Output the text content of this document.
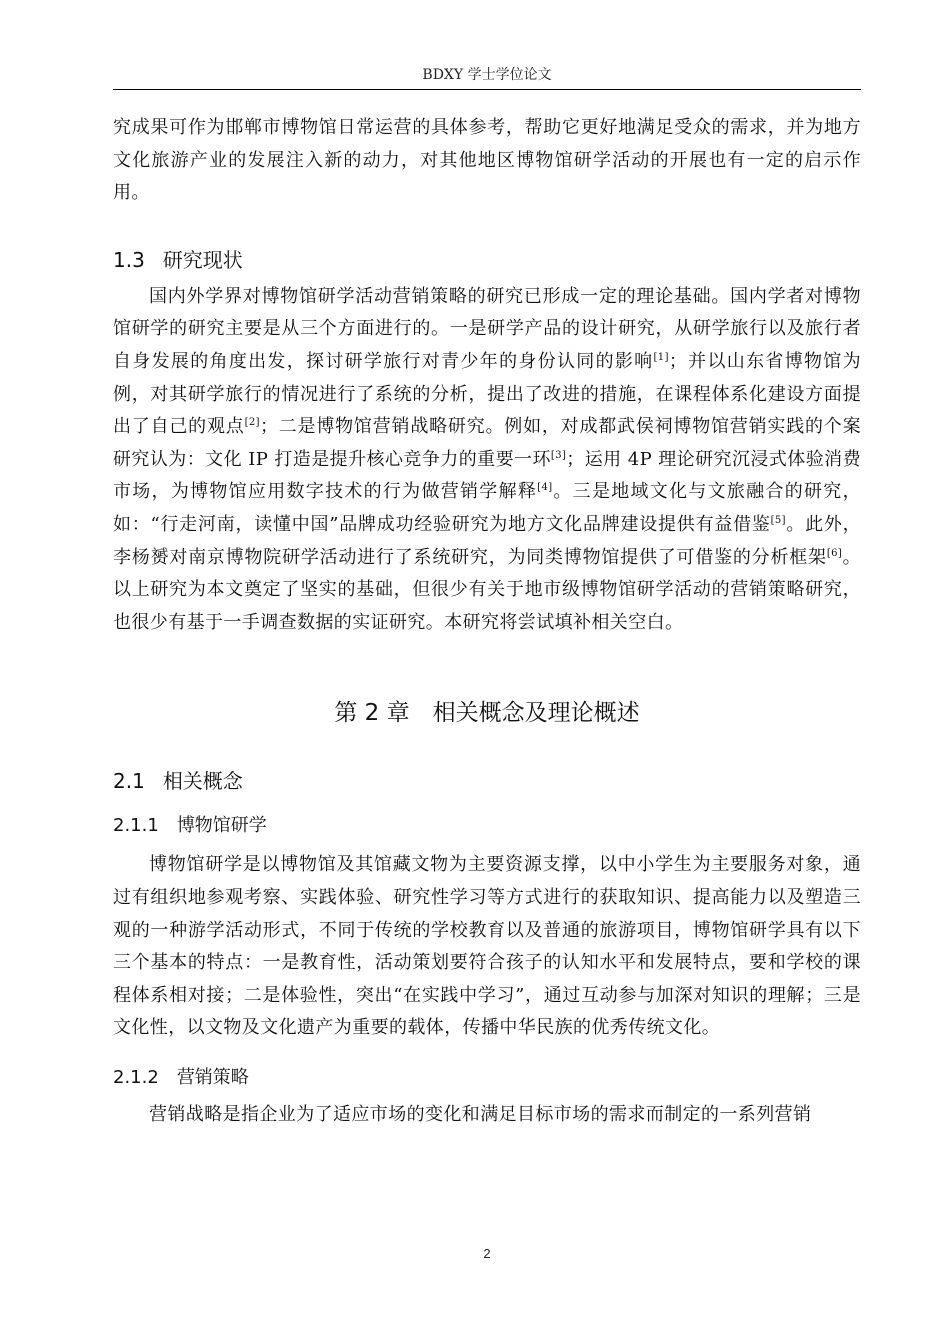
BDXY 学士学位论文

究成果可作为邯郸市博物馆日常运营的具体参考，帮助它更好地满足受众的需求，并为地方文化旅游产业的发展注入新的动力，对其他地区博物馆研学活动的开展也有一定的启示作用。

1.3 研究现状

国内外学界对博物馆研学活动营销策略的研究已形成一定的理论基础。国内学者对博物馆研学的研究主要是从三个方面进行的。一是研学产品的设计研究，从研学旅行以及旅行者自身发展的角度出发，探讨研学旅行对青少年的身份认同的影响[1]；并以山东省博物馆为例，对其研学旅行的情况进行了系统的分析，提出了改进的措施，在课程体系化建设方面提出了自己的观点[2]；二是博物馆营销战略研究。例如，对成都武侯祠博物馆营销实践的个案研究认为：文化 IP 打造是提升核心竞争力的重要一环[3]；运用 4P 理论研究沉浸式体验消费市场，为博物馆应用数字技术的行为做营销学解释[4]。三是地域文化与文旅融合的研究，如：“行走河南，读懂中国”品牌成功经验研究为地方文化品牌建设提供有益借鉴[5]。此外，李杨赟对南京博物院研学活动进行了系统研究，为同类博物馆提供了可借鉴的分析框架[6]。以上研究为本文奠定了坚实的基础，但很少有关于地市级博物馆研学活动的营销策略研究，也很少有基于一手调查数据的实证研究。本研究将尝试填补相关空白。

第 2 章　相关概念及理论概述
2.1 相关概念
2.1.1 博物馆研学

博物馆研学是以博物馆及其馆藏文物为主要资源支撑，以中小学生为主要服务对象，通过有组织地参观考察、实践体验、研究性学习等方式进行的获取知识、提高能力以及塑造三观的一种游学活动形式，不同于传统的学校教育以及普通的旅游项目，博物馆研学具有以下三个基本的特点：一是教育性，活动策划要符合孩子的认知水平和发展特点，要和学校的课程体系相对接；二是体验性，突出“在实践中学习”，通过互动参与加深对知识的理解；三是文化性，以文物及文化遗产为重要的载体，传播中华民族的优秀传统文化。

2.1.2 营销策略

营销战略是指企业为了适应市场的变化和满足目标市场的需求而制定的一系列营销

2
